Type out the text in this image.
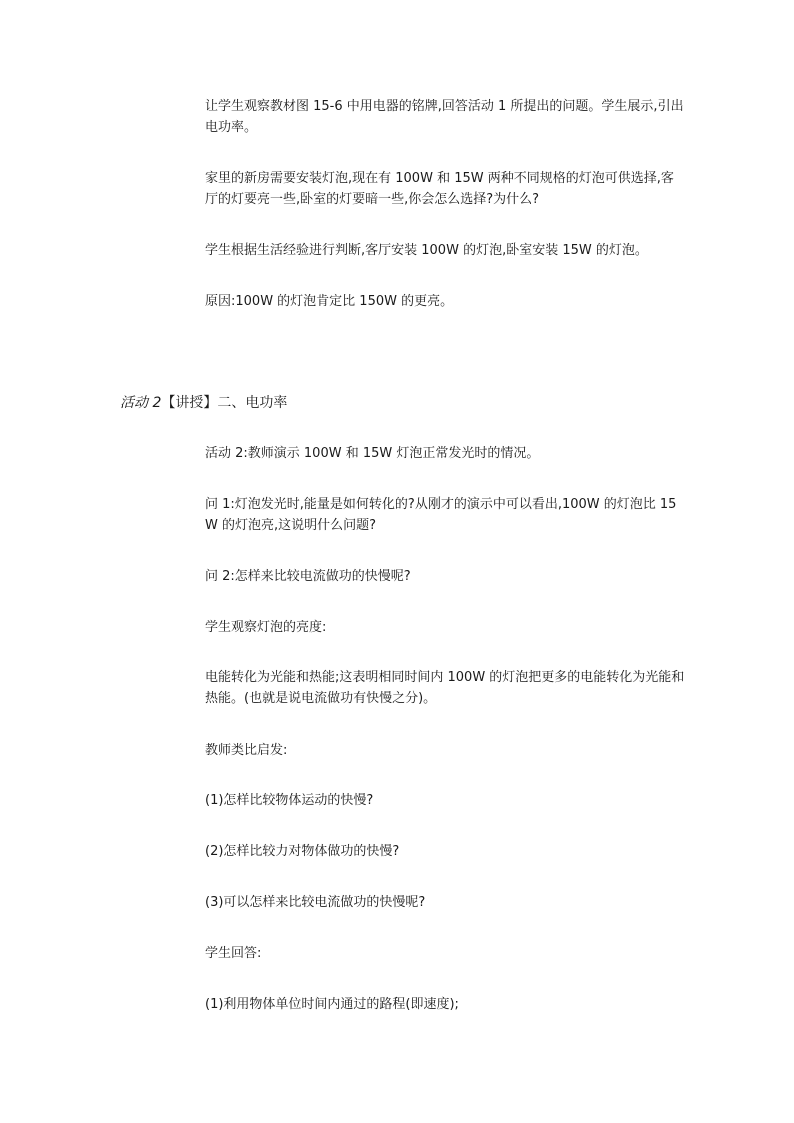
让学生观察教材图 15-6 中用电器的铭牌,回答活动 1 所提出的问题。学生展示,引出电功率。

家里的新房需要安装灯泡,现在有 100W 和 15W 两种不同规格的灯泡可供选择,客厅的灯要亮一些,卧室的灯要暗一些,你会怎么选择?为什么?

学生根据生活经验进行判断,客厅安装 100W 的灯泡,卧室安装 15W 的灯泡。

原因:100W 的灯泡肯定比 150W 的更亮。

活动 2【讲授】二、电功率

活动 2:教师演示 100W 和 15W 灯泡正常发光时的情况。

问 1:灯泡发光时,能量是如何转化的?从刚才的演示中可以看出,100W 的灯泡比 15W 的灯泡亮,这说明什么问题?

问 2:怎样来比较电流做功的快慢呢?

学生观察灯泡的亮度:

电能转化为光能和热能;这表明相同时间内 100W 的灯泡把更多的电能转化为光能和热能。(也就是说电流做功有快慢之分)。

教师类比启发:

(1)怎样比较物体运动的快慢?

(2)怎样比较力对物体做功的快慢?

(3)可以怎样来比较电流做功的快慢呢?

学生回答:

(1)利用物体单位时间内通过的路程(即速度);
